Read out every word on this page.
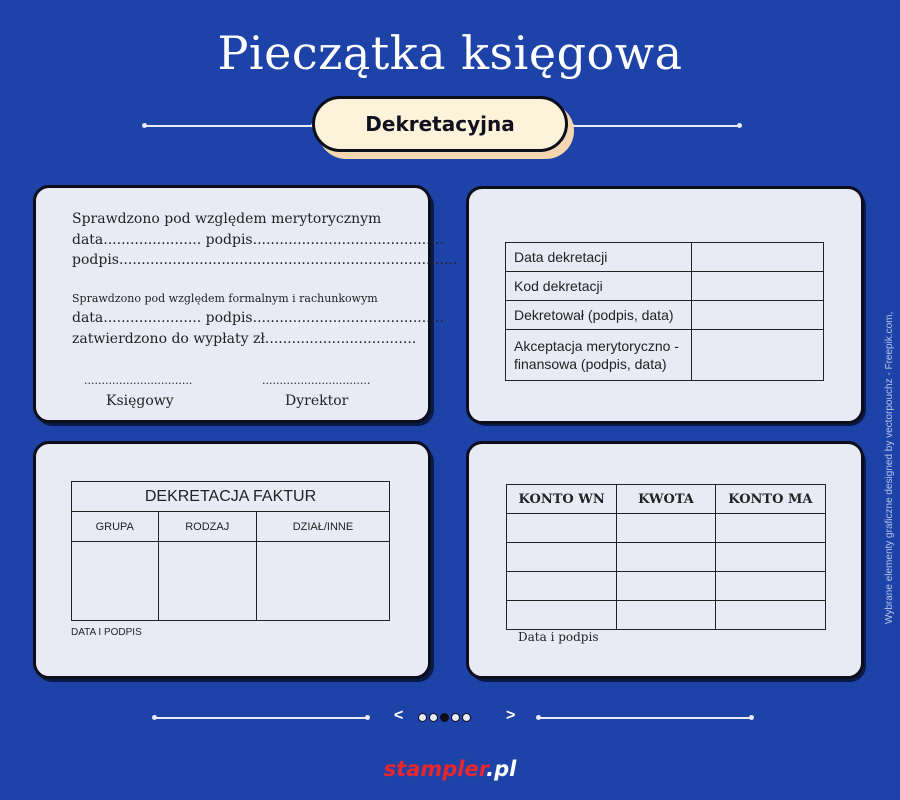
Pieczątka księgowa
Dekretacyjna
Sprawdzono pod względem merytorycznym
data...................... podpis...........................................
podpis............................................................................
Sprawdzono pod względem formalnym i rachunkowym
data...................... podpis...........................................
zatwierdzono do wypłaty zł..................................
...............................	...............................
Księgowy	Dyrektor
Data dekretacji	
Kod dekretacji	
Dekretował (podpis, data)	
Akceptacja merytoryczno - finansowa (podpis, data)	
DEKRETACJA FAKTUR		
GRUPA	RODZAJ	DZIAŁ/INNE

DATA I PODPIS
KONTO WN	KWOTA	KONTO MA

Data i podpis
Wybrane elementy graficzne designed by vectorpouchz - Freepik.com,
<	>
stampler.pl
